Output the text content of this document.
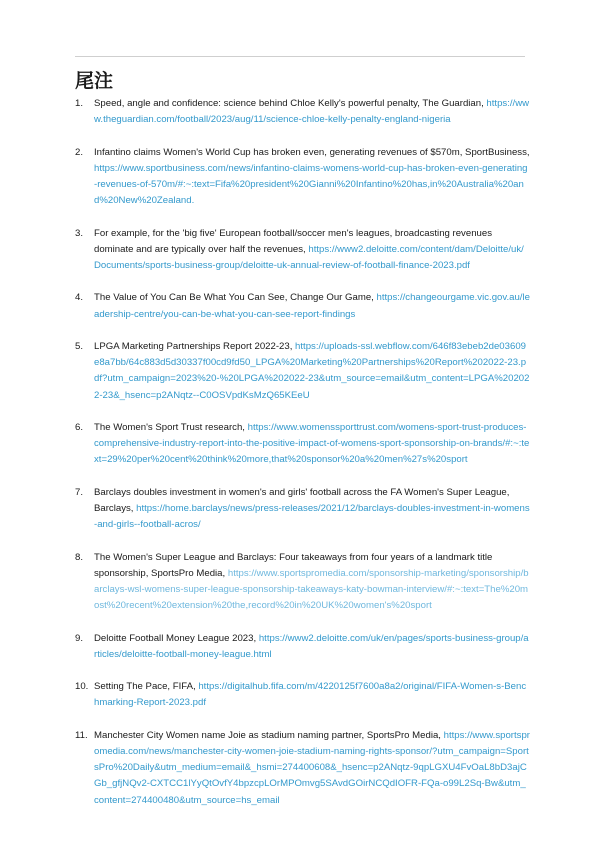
尾注
1.	Speed, angle and confidence: science behind Chloe Kelly's powerful penalty, The Guardian, https://www.theguardian.com/football/2023/aug/11/science-chloe-kelly-penalty-england-nigeria
2.	Infantino claims Women's World Cup has broken even, generating revenues of $570m, SportBusiness, https://www.sportbusiness.com/news/infantino-claims-womens-world-cup-has-broken-even-generating-revenues-of-570m/#:~:text=Fifa%20president%20Gianni%20Infantino%20has,in%20Australia%20and%20New%20Zealand.
3.	For example, for the 'big five' European football/soccer men's leagues, broadcasting revenues dominate and are typically over half the revenues, https://www2.deloitte.com/content/dam/Deloitte/uk/Documents/sports-business-group/deloitte-uk-annual-review-of-football-finance-2023.pdf
4.	The Value of You Can Be What You Can See, Change Our Game, https://changeourgame.vic.gov.au/leadership-centre/you-can-be-what-you-can-see-report-findings
5.	LPGA Marketing Partnerships Report 2022-23, https://uploads-ssl.webflow.com/646f83ebeb2de03609e8a7bb/64c883d5d30337f00cd9fd50_LPGA%20Marketing%20Partnerships%20Report%202022-23.pdf?utm_campaign=2023%20-%20LPGA%202022-23&utm_source=email&utm_content=LPGA%202022-23&_hsenc=p2ANqtz--C0OSVpdKsMzQ65KEeU
6.	The Women's Sport Trust research, https://www.womenssporttrust.com/womens-sport-trust-produces-comprehensive-industry-report-into-the-positive-impact-of-womens-sport-sponsorship-on-brands/#:~:text=29%20per%20cent%20think%20more,that%20sponsor%20a%20men%27s%20sport
7.	Barclays doubles investment in women's and girls' football across the FA Women's Super League, Barclays, https://home.barclays/news/press-releases/2021/12/barclays-doubles-investment-in-womens-and-girls--football-acros/
8.	The Women's Super League and Barclays: Four takeaways from four years of a landmark title sponsorship, SportsPro Media, https://www.sportspromedia.com/sponsorship-marketing/sponsorship/barclays-wsl-womens-super-league-sponsorship-takeaways-katy-bowman-interview/#:~:text=The%20most%20recent%20extension%20the,record%20in%20UK%20women's%20sport
9.	Deloitte Football Money League 2023, https://www2.deloitte.com/uk/en/pages/sports-business-group/articles/deloitte-football-money-league.html
10. Setting The Pace, FIFA, https://digitalhub.fifa.com/m/4220125f7600a8a2/original/FIFA-Women-s-Benchmarking-Report-2023.pdf
11. Manchester City Women name Joie as stadium naming partner, SportsPro Media, https://www.sportspromedia.com/news/manchester-city-women-joie-stadium-naming-rights-sponsor/?utm_campaign=SportsPro%20Daily&utm_medium=email&_hsmi=274400608&_hsenc=p2ANqtz-9qpLGXU4FvOaL8bD3ajCGb_gfjNQv2-CXTCC1lYyQtOvfY4bpzcpLOrMPOmvg5SAvdGOirNCQdIOFR-FQa-o99L2Sq-Bw&utm_content=274400480&utm_source=hs_email
